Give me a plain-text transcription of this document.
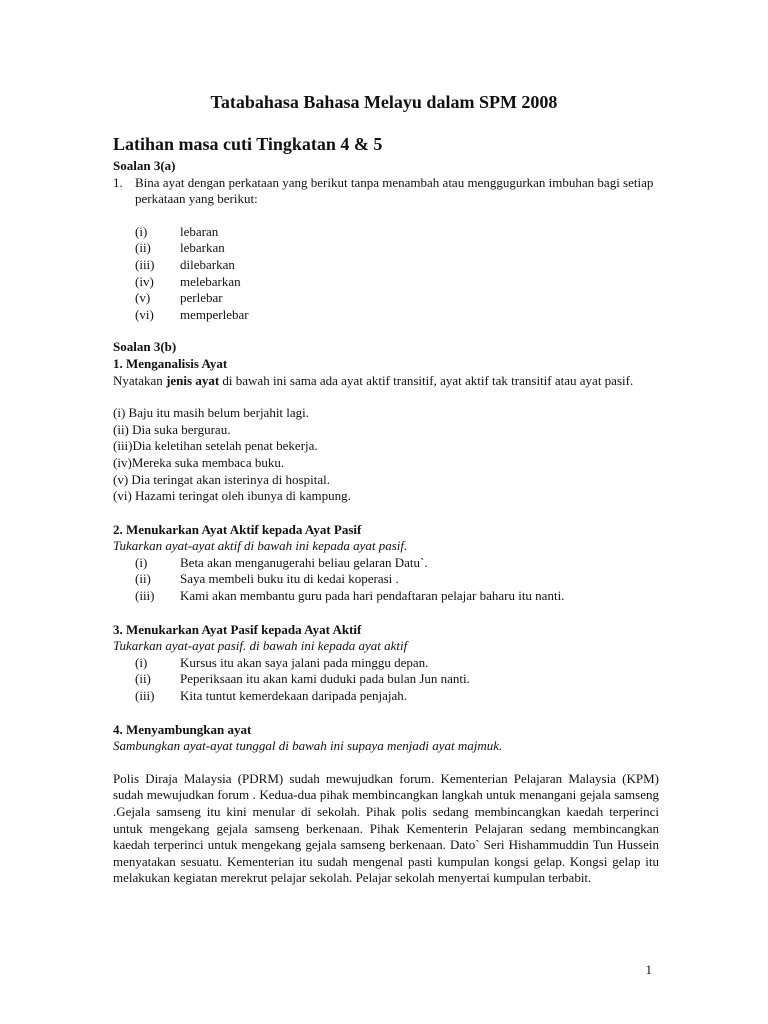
Tatabahasa Bahasa Melayu dalam SPM 2008
Latihan masa cuti Tingkatan 4 & 5
Soalan 3(a)
1. Bina ayat dengan perkataan yang berikut tanpa menambah atau menggugurkan imbuhan bagi setiap perkataan yang berikut:
(i)	lebaran
(ii)	lebarkan
(iii)	dilebarkan
(iv)	melebarkan
(v)	perlebar
(vi)	memperlebar
Soalan 3(b)
1. Menganalisis Ayat
Nyatakan jenis ayat di bawah ini sama ada ayat aktif transitif, ayat aktif tak transitif atau ayat pasif.
(i) Baju itu masih belum berjahit lagi.
(ii) Dia suka bergurau.
(iii)Dia keletihan setelah penat bekerja.
(iv)Mereka suka membaca buku.
(v) Dia teringat akan isterinya di hospital.
(vi) Hazami teringat oleh ibunya di kampung.
2. Menukarkan Ayat Aktif kepada Ayat Pasif
Tukarkan ayat-ayat aktif di bawah ini kepada ayat pasif.
(i)	Beta akan menganugerahi beliau gelaran Datu`.
(ii)	Saya membeli buku itu di kedai koperasi .
(iii)	Kami akan membantu guru pada hari pendaftaran pelajar baharu itu nanti.
3. Menukarkan Ayat Pasif kepada Ayat Aktif
Tukarkan ayat-ayat pasif. di bawah ini kepada ayat aktif
(i)	Kursus itu akan saya jalani pada minggu depan.
(ii)	Peperiksaan itu akan kami duduki pada bulan Jun nanti.
(iii)	Kita tuntut kemerdekaan daripada penjajah.
4. Menyambungkan ayat
Sambungkan ayat-ayat tunggal di bawah ini supaya menjadi ayat majmuk.
Polis Diraja Malaysia (PDRM) sudah mewujudkan forum. Kementerian Pelajaran Malaysia (KPM) sudah mewujudkan forum . Kedua-dua pihak membincangkan langkah untuk menangani gejala samseng .Gejala samseng itu kini menular di sekolah. Pihak polis sedang membincangkan kaedah terperinci untuk mengekang gejala samseng berkenaan. Pihak Kementerin Pelajaran sedang membincangkan kaedah terperinci untuk mengekang gejala samseng berkenaan. Dato` Seri Hishammuddin Tun Hussein menyatakan sesuatu. Kementerian itu sudah mengenal pasti kumpulan kongsi gelap. Kongsi gelap itu melakukan kegiatan merekrut pelajar sekolah. Pelajar sekolah menyertai kumpulan terbabit.
1
